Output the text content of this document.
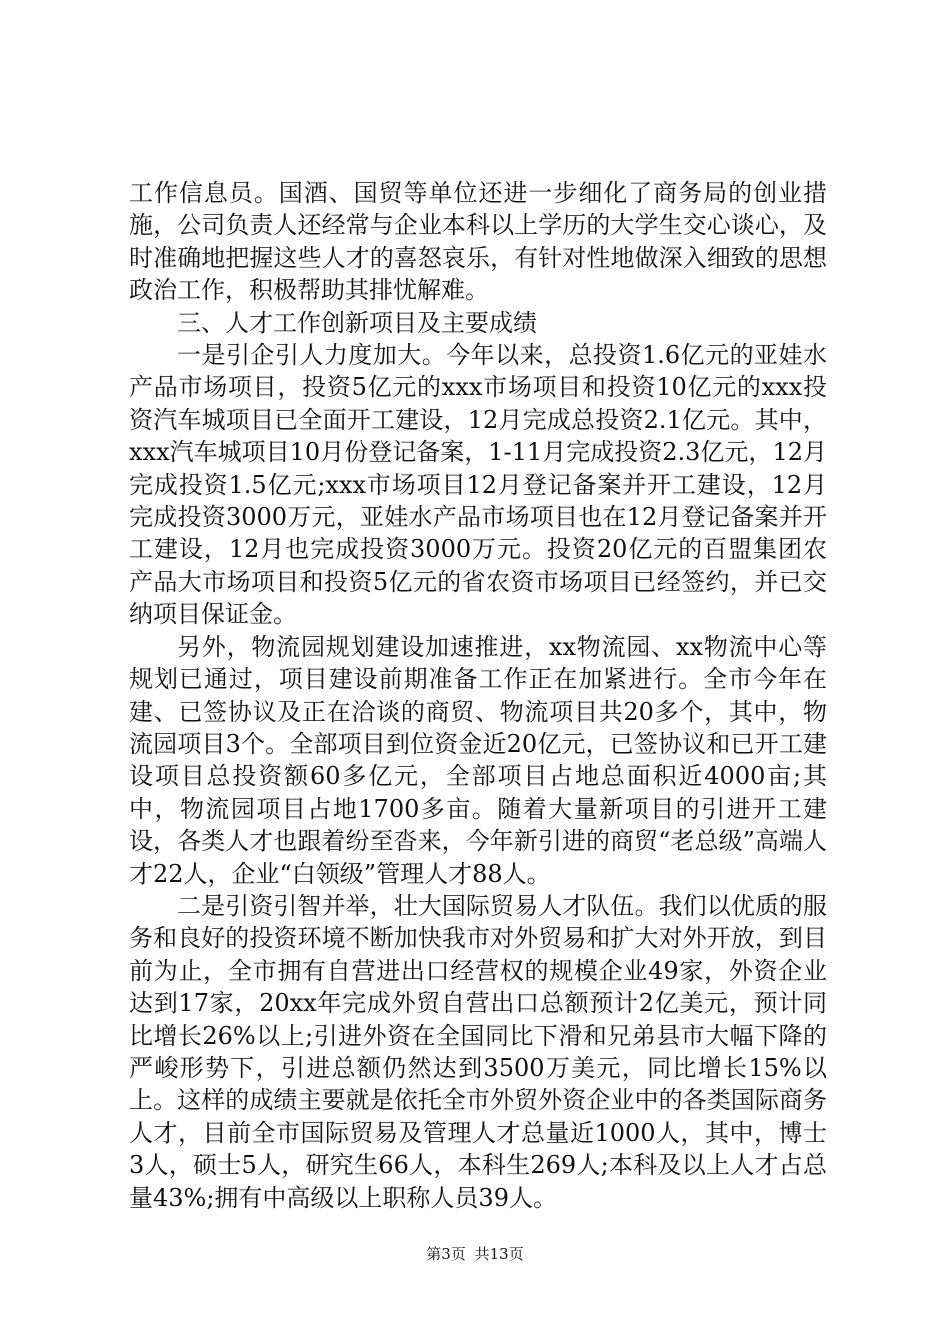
工作信息员。国酒、国贸等单位还进一步细化了商务局的创业措施，公司负责人还经常与企业本科以上学历的大学生交心谈心，及时准确地把握这些人才的喜怒哀乐，有针对性地做深入细致的思想政治工作，积极帮助其排忧解难。

三、人才工作创新项目及主要成绩

一是引企引人力度加大。今年以来，总投资1.6亿元的亚娃水产品市场项目，投资5亿元的xxx市场项目和投资10亿元的xxx投资汽车城项目已全面开工建设，12月完成总投资2.1亿元。其中，xxx汽车城项目10月份登记备案，1-11月完成投资2.3亿元，12月完成投资1.5亿元;xxx市场项目12月登记备案并开工建设，12月完成投资3000万元，亚娃水产品市场项目也在12月登记备案并开工建设，12月也完成投资3000万元。投资20亿元的百盟集团农产品大市场项目和投资5亿元的省农资市场项目已经签约，并已交纳项目保证金。

另外，物流园规划建设加速推进，xx物流园、xx物流中心等规划已通过，项目建设前期准备工作正在加紧进行。全市今年在建、已签协议及正在洽谈的商贸、物流项目共20多个，其中，物流园项目3个。全部项目到位资金近20亿元，已签协议和已开工建设项目总投资额60多亿元，全部项目占地总面积近4000亩;其中，物流园项目占地1700多亩。随着大量新项目的引进开工建设，各类人才也跟着纷至沓来，今年新引进的商贸“老总级”高端人才22人，企业“白领级”管理人才88人。

二是引资引智并举，壮大国际贸易人才队伍。我们以优质的服务和良好的投资环境不断加快我市对外贸易和扩大对外开放，到目前为止，全市拥有自营进出口经营权的规模企业49家，外资企业达到17家，20xx年完成外贸自营出口总额预计2亿美元，预计同比增长26%以上;引进外资在全国同比下滑和兄弟县市大幅下降的严峻形势下，引进总额仍然达到3500万美元，同比增长15%以上。这样的成绩主要就是依托全市外贸外资企业中的各类国际商务人才，目前全市国际贸易及管理人才总量近1000人，其中，博士3人，硕士5人，研究生66人，本科生269人;本科及以上人才占总量43%;拥有中高级以上职称人员39人。

第3页 共13页
